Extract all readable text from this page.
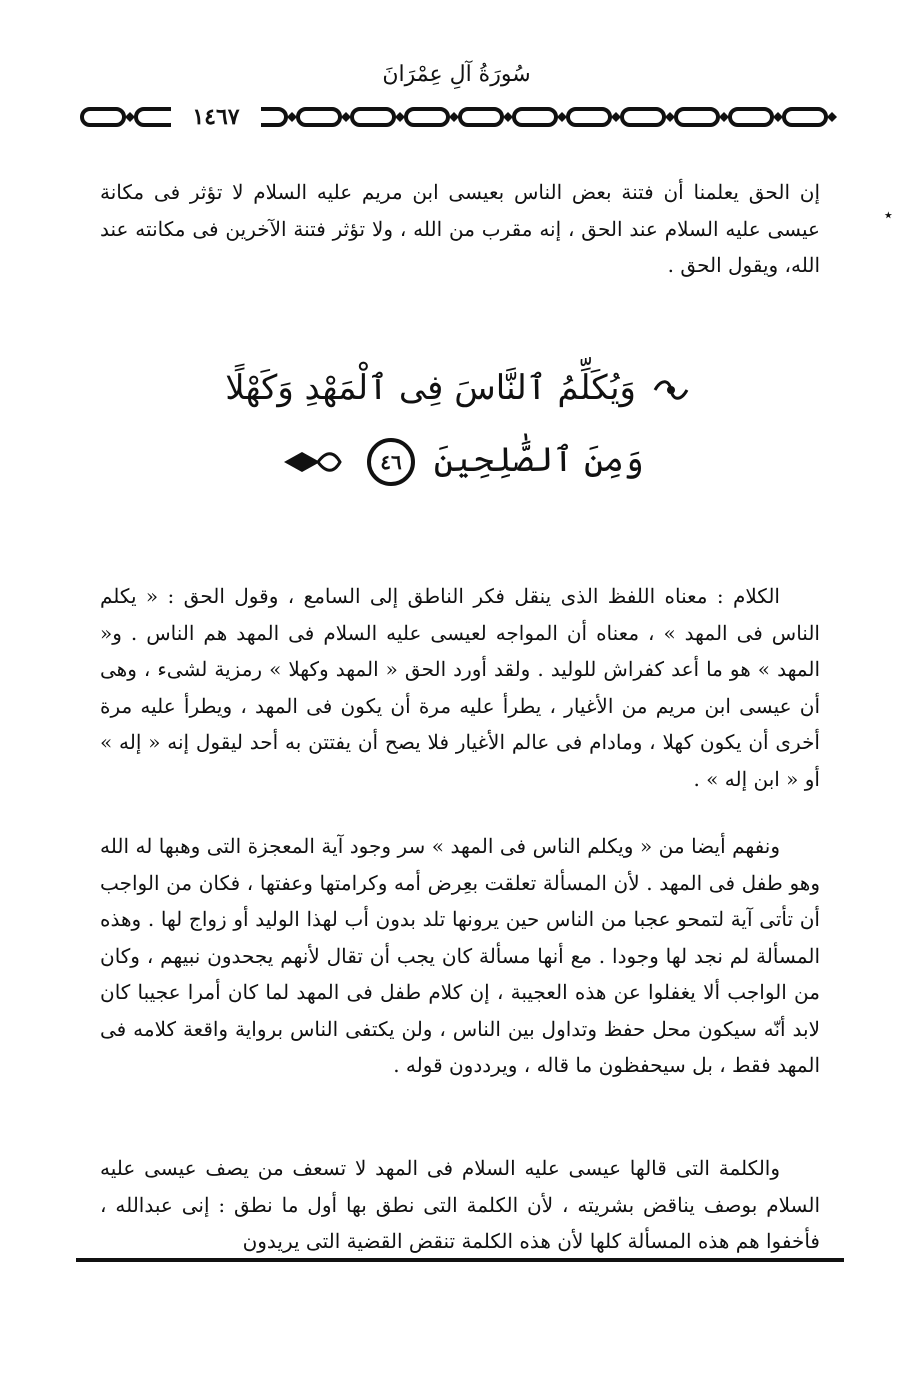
سُورَةُ آلِ عِمْرَانَ
١٤٦٧
٭

إن الحق يعلمنا أن فتنة بعض الناس بعيسى ابن مريم عليه السلام لا تؤثر فى مكانة عيسى عليه السلام عند الحق ، إنه مقرب من الله ، ولا تؤثر فتنة الآخرين فى مكانته عند الله، ويقول الحق .

وَيُكَلِّمُ ٱلنَّاسَ فِى ٱلْمَهْدِ وَكَهْلًا
وَمِنَ ٱلصَّٰلِحِينَ ٤٦

الكلام : معناه اللفظ الذى ينقل فكر الناطق إلى السامع ، وقول الحق : « يكلم الناس فى المهد » ، معناه أن المواجه لعيسى عليه السلام فى المهد هم الناس . و« المهد » هو ما أعد كفراش للوليد . ولقد أورد الحق « المهد وكهلا » رمزية لشىء ، وهى أن عيسى ابن مريم من الأغيار ، يطرأ عليه مرة أن يكون فى المهد ، ويطرأ عليه مرة أخرى أن يكون كهلا ، ومادام فى عالم الأغيار فلا يصح أن يفتتن به أحد ليقول إنه « إله » أو « ابن إله » .

ونفهم أيضا من « ويكلم الناس فى المهد » سر وجود آية المعجزة التى وهبها له الله وهو طفل فى المهد . لأن المسألة تعلقت بعِرض أمه وكرامتها وعفتها ، فكان من الواجب أن تأتى آية لتمحو عجبا من الناس حين يرونها تلد بدون أب لهذا الوليد أو زواج لها . وهذه المسألة لم نجد لها وجودا . مع أنها مسألة كان يجب أن تقال لأنهم يجحدون نبيهم ، وكان من الواجب ألا يغفلوا عن هذه العجيبة ، إن كلام طفل فى المهد لما كان أمرا عجيبا كان لابد أنّه سيكون محل حفظ وتداول بين الناس ، ولن يكتفى الناس برواية واقعة كلامه فى المهد فقط ، بل سيحفظون ما قاله ، ويرددون قوله .

والكلمة التى قالها عيسى عليه السلام فى المهد لا تسعف من يصف عيسى عليه السلام بوصف يناقض بشريته ، لأن الكلمة التى نطق بها أول ما نطق : إنى عبدالله ، فأخفوا هم هذه المسألة كلها لأن هذه الكلمة تنقض القضية التى يريدون
